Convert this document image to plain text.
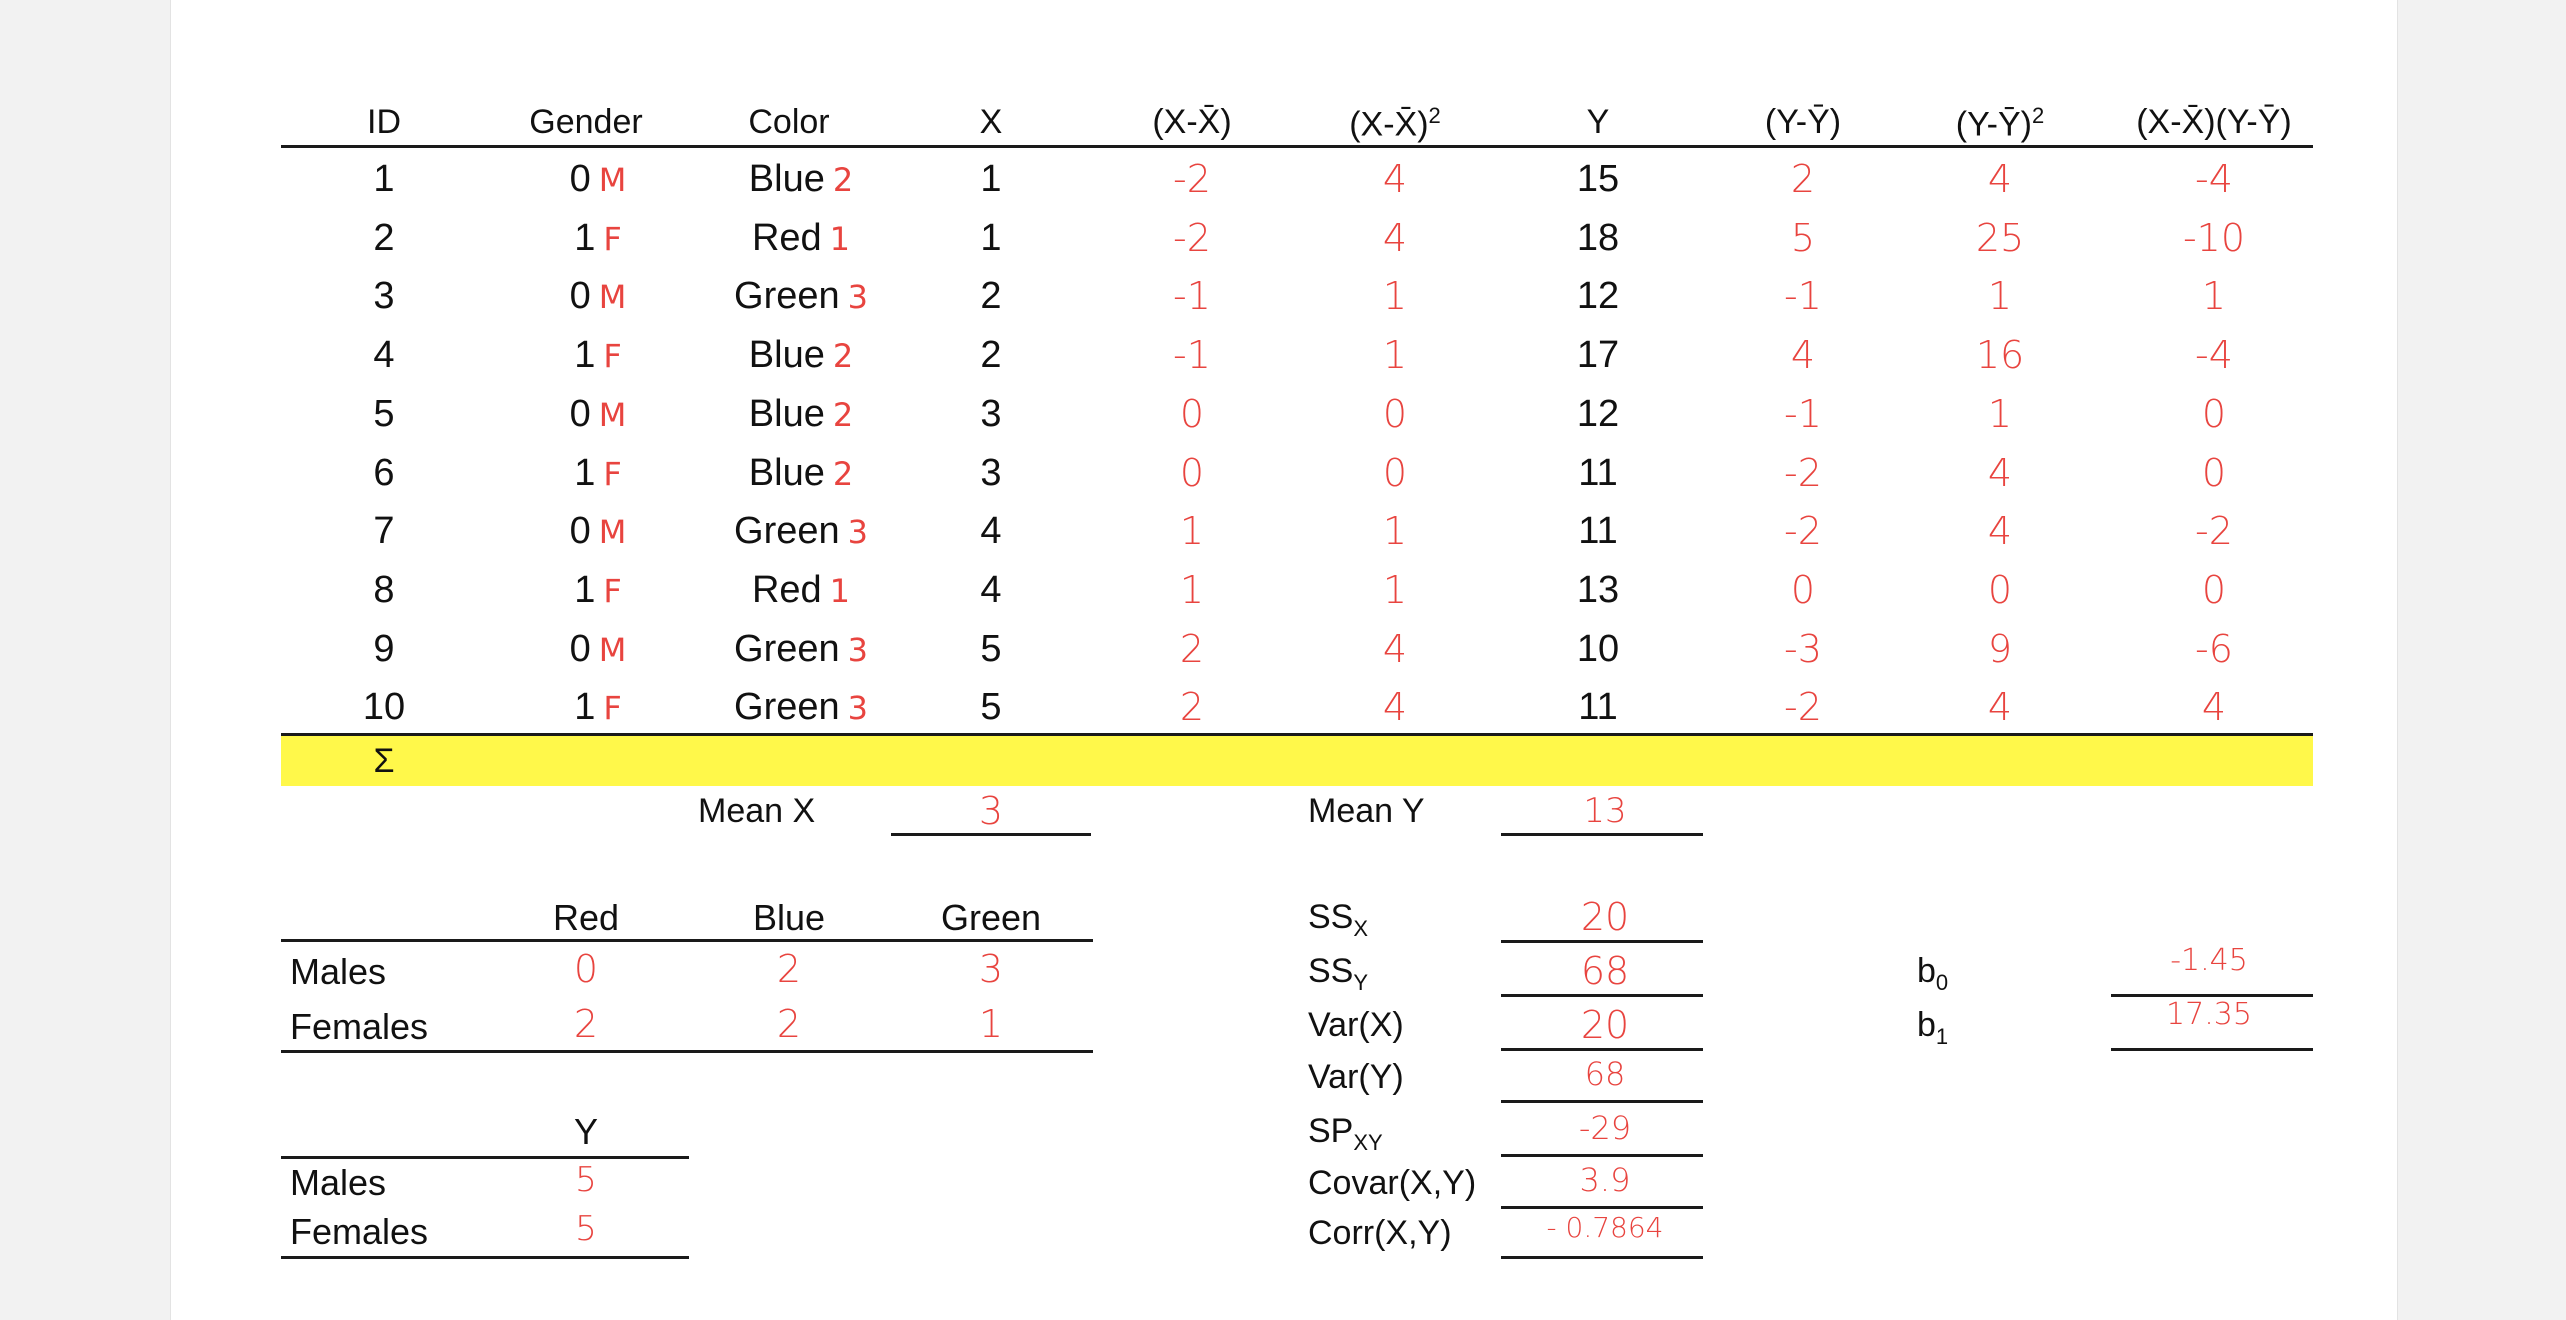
ID	Gender	Color	X	(X-X̄)	(X-X̄)$^2$	Y	(Y-Ȳ)	(Y-Ȳ)$^2$	(X-X̄)(Y-Ȳ)
Σ
1	0 M	Blue 2	1	-2	4	15	2	4	-4
2	1 F	Red 1	1	-2	4	18	5	25	-10
3	0 M	Green 3	2	-1	1	12	-1	1	1
4	1 F	Blue 2	2	-1	1	17	4	16	-4
5	0 M	Blue 2	3	0	0	12	-1	1	0
6	1 F	Blue 2	3	0	0	11	-2	4	0
7	0 M	Green 3	4	1	1	11	-2	4	-2
8	1 F	Red 1	4	1	1	13	0	0	0
9	0 M	Green 3	5	2	4	10	-3	9	-6
10	1 F	Green 3	5	2	4	11	-2	4	4
Mean X	3	Mean Y	13
Red	Blue	Green
Males	0	2	3
Females	2	2	1
Y
Males	5
Females	5
$SS_X$	20
$SS_Y$	68
Var(X)	20
Var(Y)	68
$SP_{XY}$	-29
Covar(X,Y)	3.9
Corr(X,Y)	- 0.7864
$b_0$
-1.45
$b_1$
17.35
